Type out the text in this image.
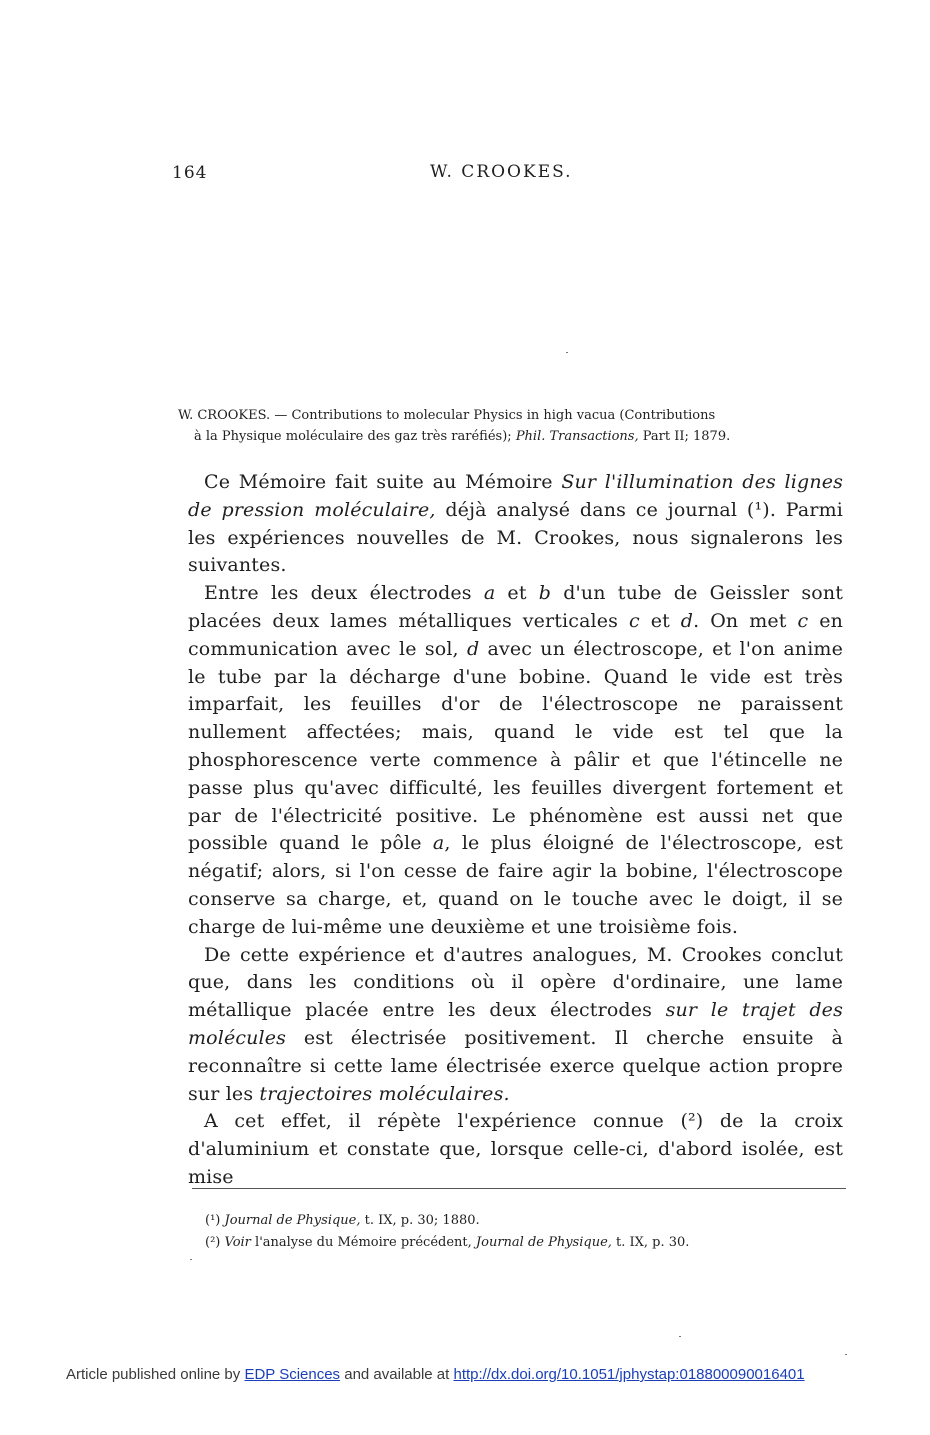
164	W. CROOKES.
W. CROOKES. — Contributions to molecular Physics in high vacua (Contributions
à la Physique moléculaire des gaz très raréfiés); Phil. Transactions, Part II; 1879.

Ce Mémoire fait suite au Mémoire Sur l'illumination des lignes de pression moléculaire, déjà analysé dans ce journal (¹). Parmi les expériences nouvelles de M. Crookes, nous signalerons les suivantes.

Entre les deux électrodes a et b d'un tube de Geissler sont placées deux lames métalliques verticales c et d. On met c en communication avec le sol, d avec un électroscope, et l'on anime le tube par la décharge d'une bobine. Quand le vide est très imparfait, les feuilles d'or de l'électroscope ne paraissent nullement affectées; mais, quand le vide est tel que la phosphorescence verte commence à pâlir et que l'étincelle ne passe plus qu'avec difficulté, les feuilles divergent fortement et par de l'électricité positive. Le phénomène est aussi net que possible quand le pôle a, le plus éloigné de l'électroscope, est négatif; alors, si l'on cesse de faire agir la bobine, l'électroscope conserve sa charge, et, quand on le touche avec le doigt, il se charge de lui-même une deuxième et une troisième fois.

De cette expérience et d'autres analogues, M. Crookes conclut que, dans les conditions où il opère d'ordinaire, une lame métallique placée entre les deux électrodes sur le trajet des molécules est électrisée positivement. Il cherche ensuite à reconnaître si cette lame électrisée exerce quelque action propre sur les trajectoires moléculaires.

A cet effet, il répète l'expérience connue (²) de la croix d'aluminium et constate que, lorsque celle-ci, d'abord isolée, est mise

(¹) Journal de Physique, t. IX, p. 30; 1880.
(²) Voir l'analyse du Mémoire précédent, Journal de Physique, t. IX, p. 30.
Article published online by EDP Sciences and available at http://dx.doi.org/10.1051/jphystap:018800090016401
